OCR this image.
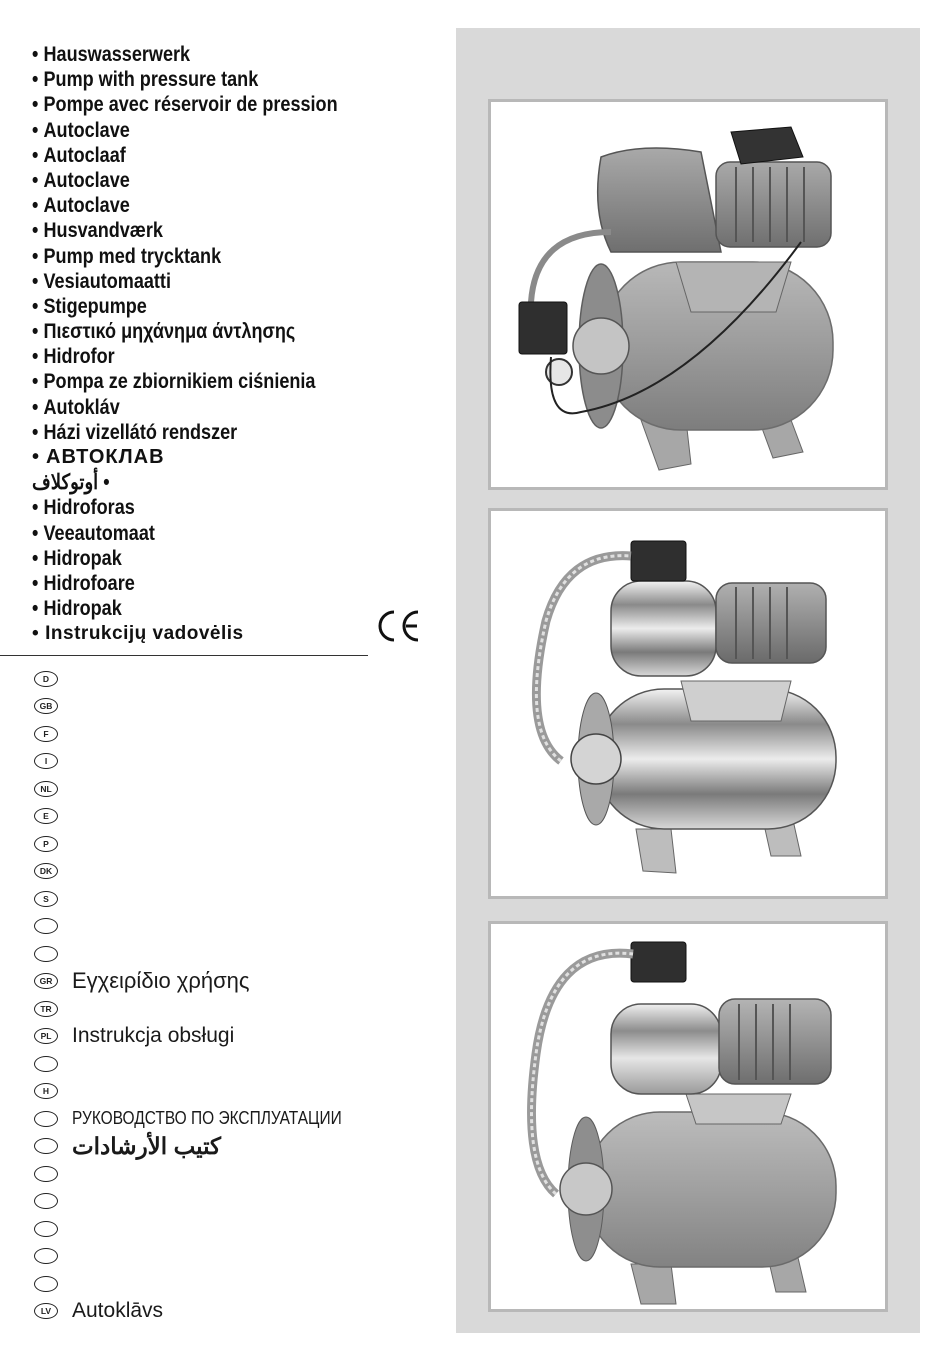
• Hauswasserwerk
• Pump with pressure tank
• Pompe avec réservoir de pression
• Autoclave
• Autoclaaf
• Autoclave
• Autoclave
• Husvandværk
• Pump med trycktank
• Vesiautomaatti
• Stigepumpe
• Πιεστικό μηχάνημα άντλησης
• Hidrofor
• Pompa ze zbiornikiem ciśnienia
• Autokláv
• Házi vizellátó rendszer
• АВТОКЛАВ
أوتوكلاف •
• Hidroforas
• Veeautomaat
• Hidropak
• Hidrofoare
• Hidropak
• Instrukcijų vadovėlis
D
GB
F
I
NL
E
P
DK
S
GR Εγχειρίδιο χρήσης
TR
PL Instrukcja obsługi
H
РУКОВОДСТВО ПО ЭКСПЛУАТАЦИИ
كتيب الأرشادات
LV Autoklāvs
